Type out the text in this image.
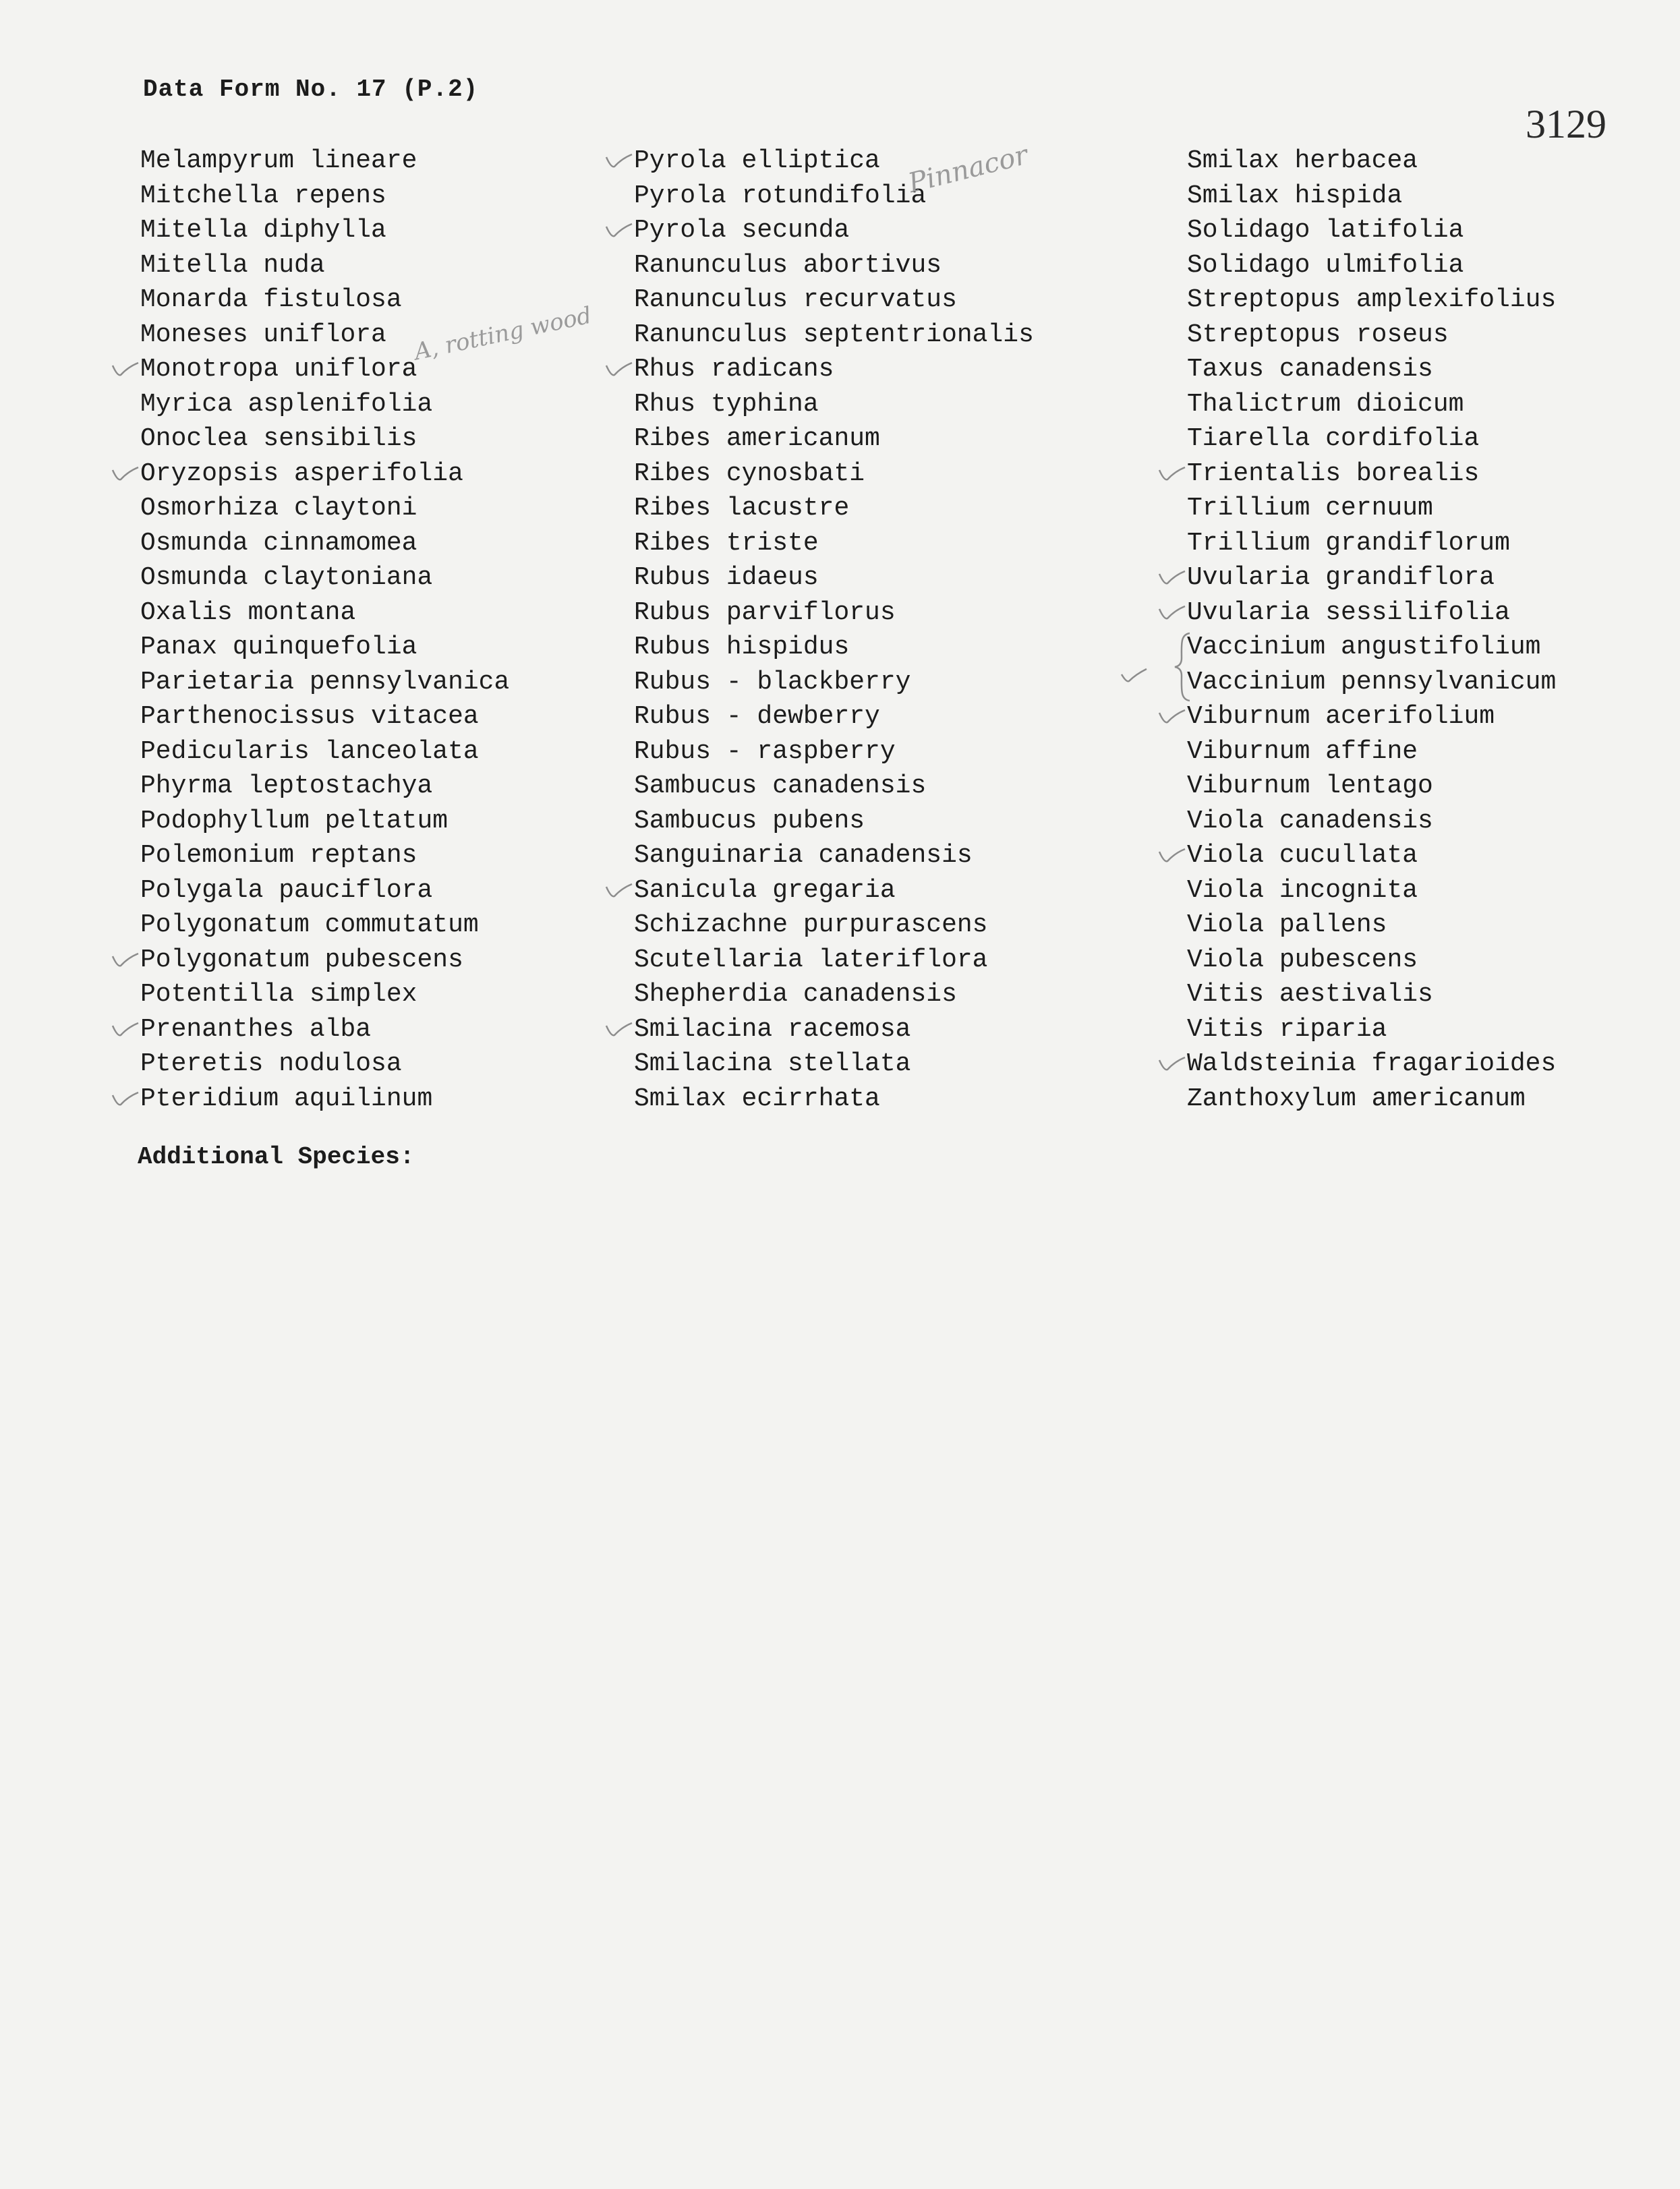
Data Form No. 17 (P.2)
3129
Melampyrum lineare
Mitchella repens
Mitella diphylla
Mitella nuda
Monarda fistulosa
Moneses uniflora
Monotropa uniflora
Myrica asplenifolia
Onoclea sensibilis
Oryzopsis asperifolia
Osmorhiza claytoni
Osmunda cinnamomea
Osmunda claytoniana
Oxalis montana
Panax quinquefolia
Parietaria pennsylvanica
Parthenocissus vitacea
Pedicularis lanceolata
Phyrma leptostachya
Podophyllum peltatum
Polemonium reptans
Polygala pauciflora
Polygonatum commutatum
Polygonatum pubescens
Potentilla simplex
Prenanthes alba
Pteretis nodulosa
Pteridium aquilinum
Pyrola elliptica
Pyrola rotundifolia
Pyrola secunda
Ranunculus abortivus
Ranunculus recurvatus
Ranunculus septentrionalis
Rhus radicans
Rhus typhina
Ribes americanum
Ribes cynosbati
Ribes lacustre
Ribes triste
Rubus idaeus
Rubus parviflorus
Rubus hispidus
Rubus - blackberry
Rubus - dewberry
Rubus - raspberry
Sambucus canadensis
Sambucus pubens
Sanguinaria canadensis
Sanicula gregaria
Schizachne purpurascens
Scutellaria lateriflora
Shepherdia canadensis
Smilacina racemosa
Smilacina stellata
Smilax ecirrhata
Smilax herbacea
Smilax hispida
Solidago latifolia
Solidago ulmifolia
Streptopus amplexifolius
Streptopus roseus
Taxus canadensis
Thalictrum dioicum
Tiarella cordifolia
Trientalis borealis
Trillium cernuum
Trillium grandiflorum
Uvularia grandiflora
Uvularia sessilifolia
Vaccinium angustifolium
Vaccinium pennsylvanicum
Viburnum acerifolium
Viburnum affine
Viburnum lentago
Viola canadensis
Viola cucullata
Viola incognita
Viola pallens
Viola pubescens
Vitis aestivalis
Vitis riparia
Waldsteinia fragarioides
Zanthoxylum americanum
A, rotting wood
Pinnacor
Additional Species:
